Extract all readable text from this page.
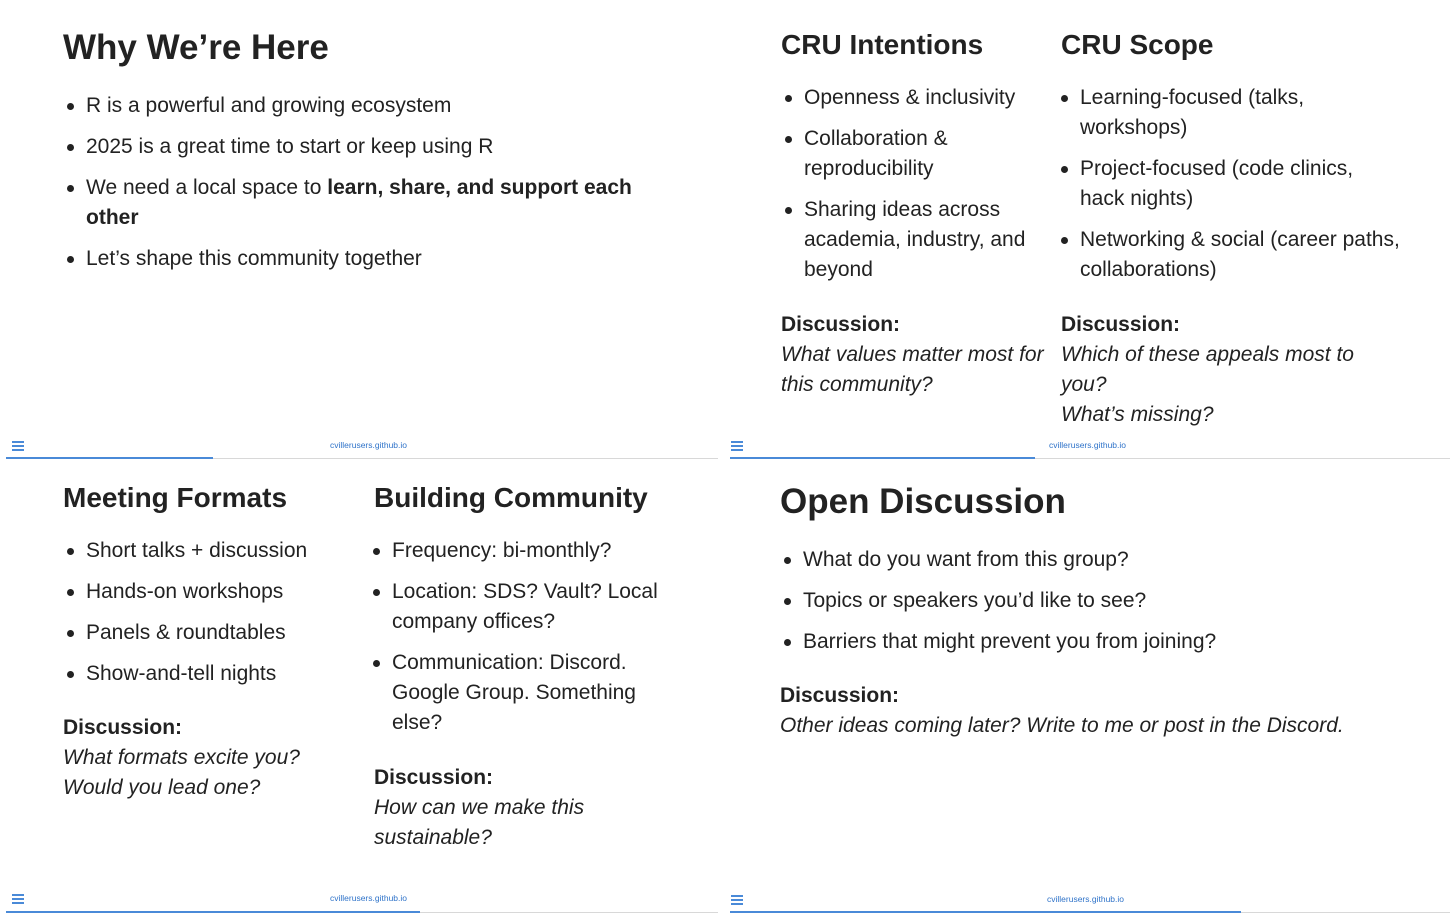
Why We’re Here
R is a powerful and growing ecosystem
2025 is a great time to start or keep using R
We need a local space to learn, share, and support each other
Let’s shape this community together
cvillerusers.github.io
CRU Intentions
Openness & inclusivity
Collaboration & reproducibility
Sharing ideas across academia, industry, and beyond

Discussion:

What values matter most for this community?

CRU Scope
Learning-focused (talks, workshops)
Project-focused (code clinics, hack nights)
Networking & social (career paths, collaborations)

Discussion:

Which of these appeals most to you?

What’s missing?

cvillerusers.github.io
Meeting Formats
Short talks + discussion
Hands-on workshops
Panels & roundtables
Show-and-tell nights

Discussion:

What formats excite you?

Would you lead one?

Building Community
Frequency: bi-monthly?
Location: SDS? Vault? Local company offices?
Communication: Discord. Google Group. Something else?

Discussion:

How can we make this sustainable?

cvillerusers.github.io
Open Discussion
What do you want from this group?
Topics or speakers you’d like to see?
Barriers that might prevent you from joining?

Discussion:

Other ideas coming later? Write to me or post in the Discord.

cvillerusers.github.io
